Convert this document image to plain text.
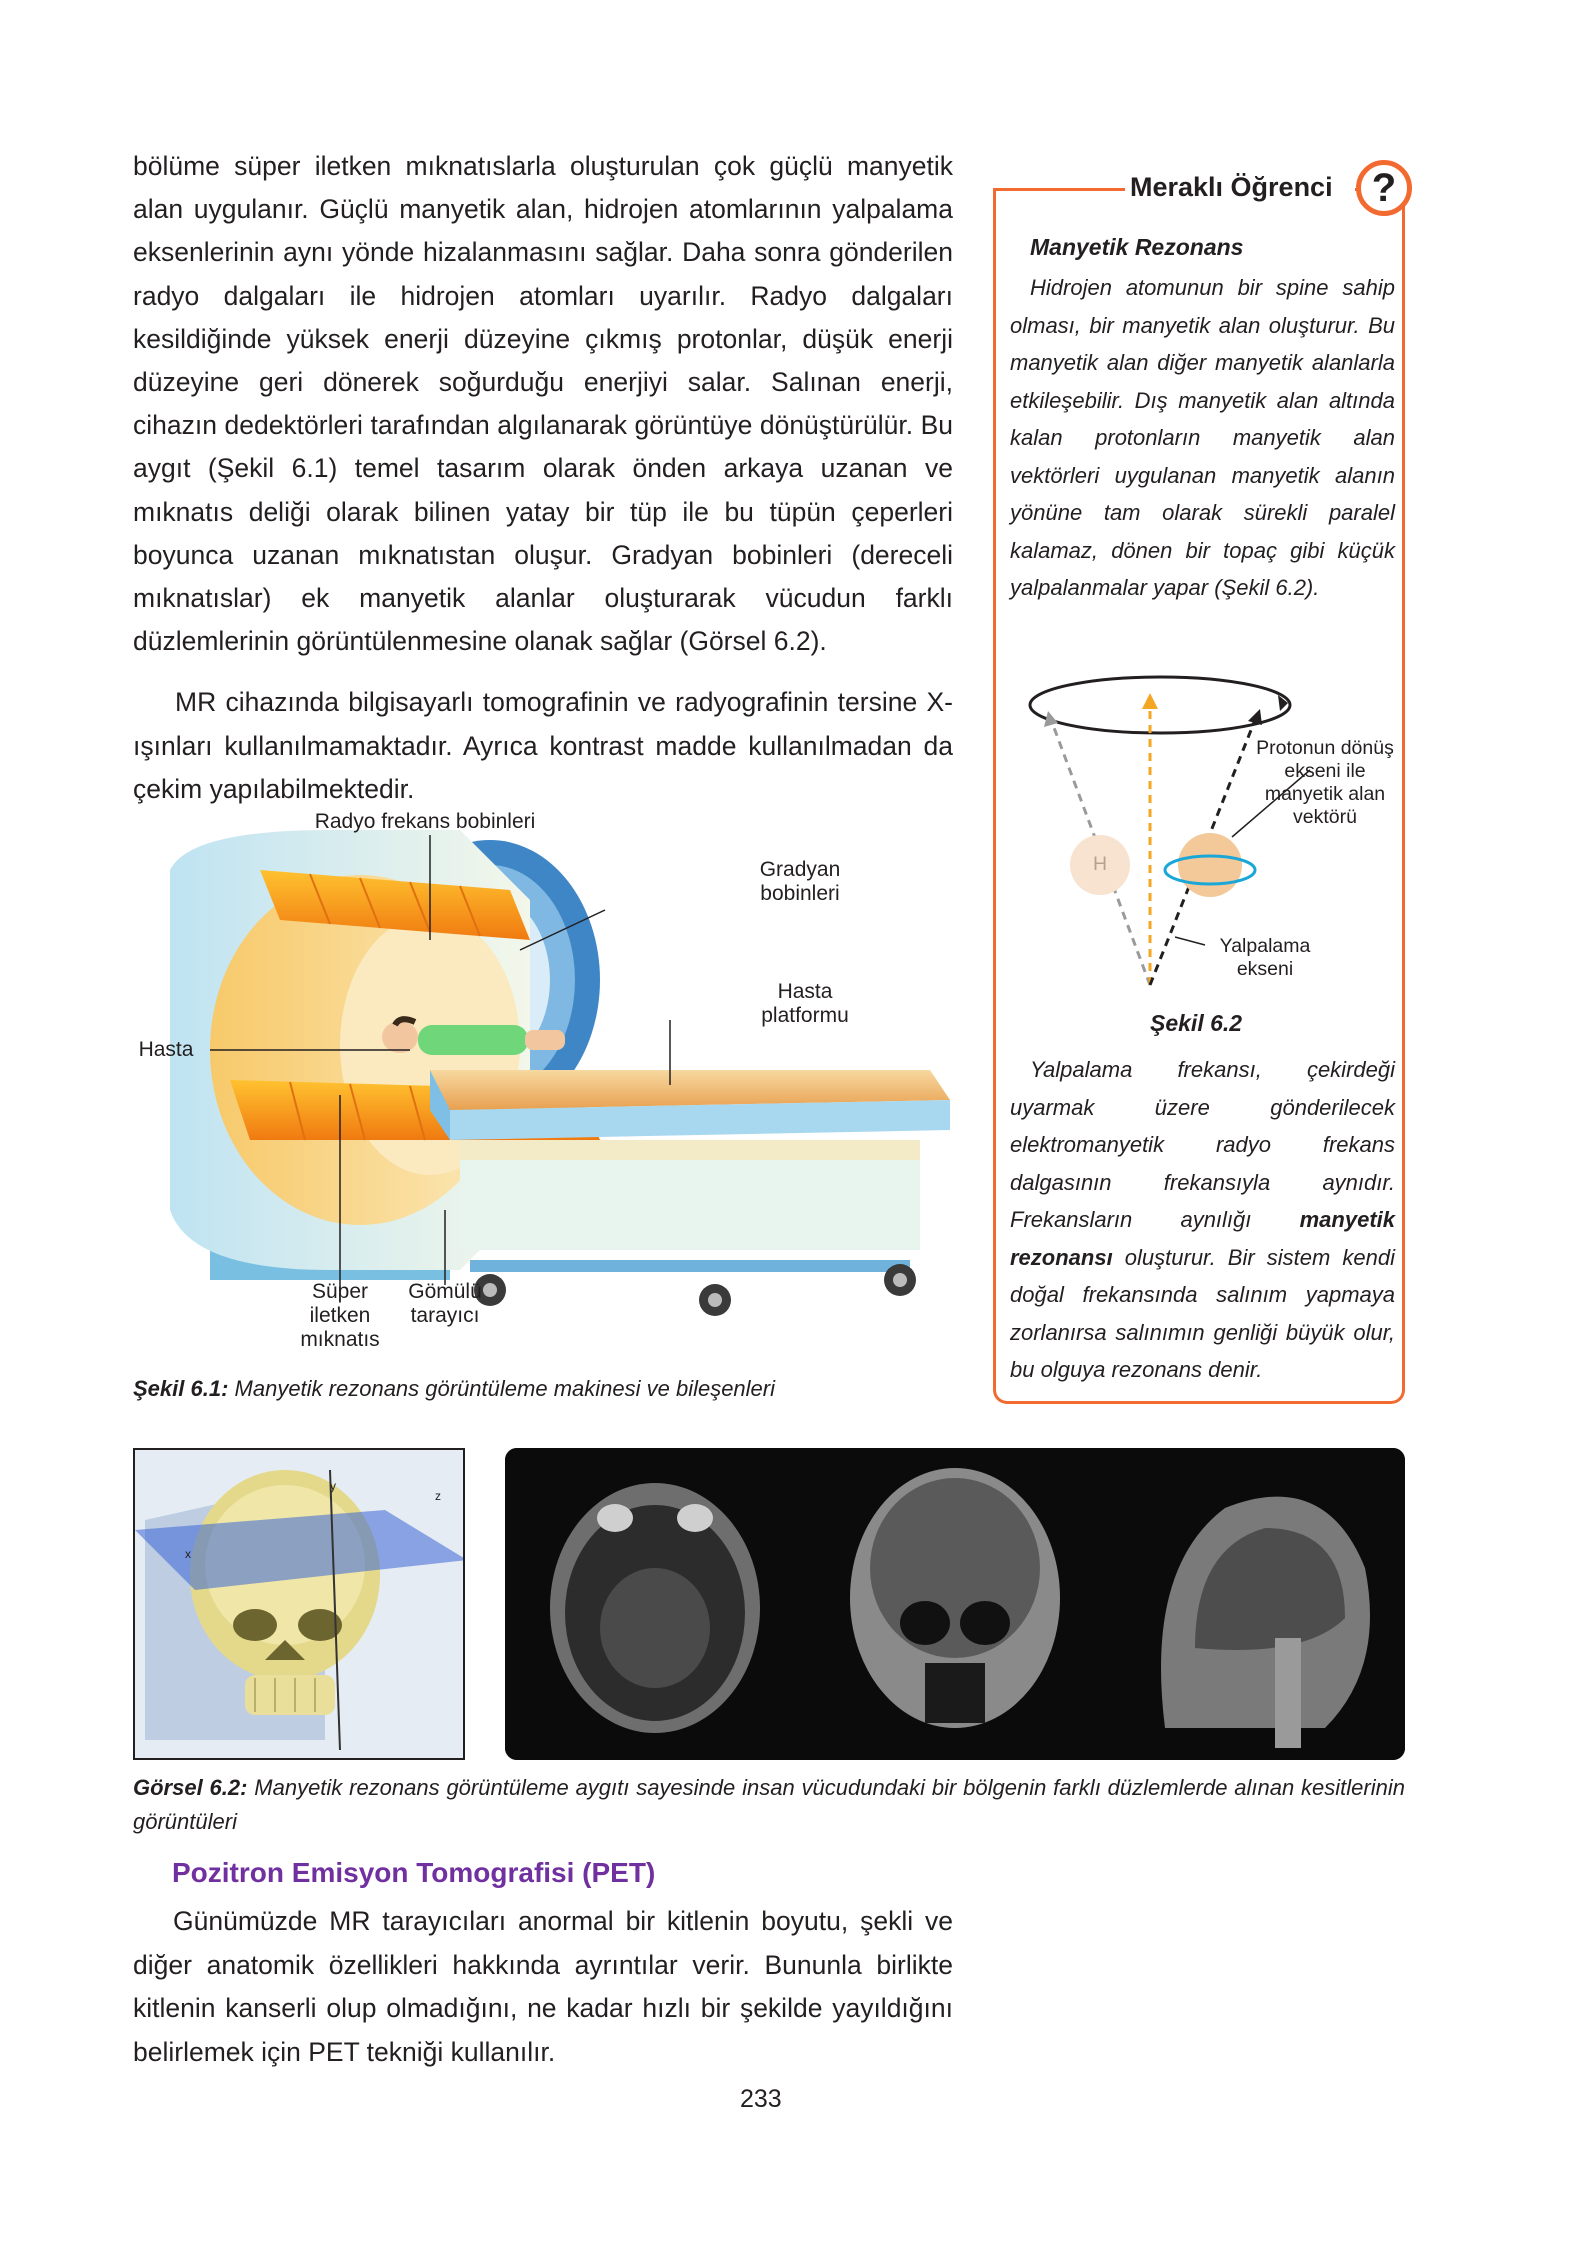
bölüme süper iletken mıknatıslarla oluşturulan çok güçlü manyetik alan uygulanır. Güçlü manyetik alan, hidrojen atomlarının yalpalama eksenlerinin aynı yönde hizalanmasını sağlar. Daha sonra gönderilen radyo dalgaları ile hidrojen atomları uyarılır. Radyo dalgaları kesildiğinde yüksek enerji düzeyine çıkmış protonlar, düşük enerji düzeyine geri dönerek soğurduğu enerjiyi salar. Salınan enerji, cihazın dedektörleri tarafından algılanarak görüntüye dönüştürülür. Bu aygıt (Şekil 6.1) temel tasarım olarak önden arkaya uzanan ve mıknatıs deliği olarak bilinen yatay bir tüp ile bu tüpün çeperleri boyunca uzanan mıknatıstan oluşur. Gradyan bobinleri (dereceli mıknatıslar) ek manyetik alanlar oluşturarak vücudun farklı düzlemlerinin görüntülenmesine olanak sağlar (Görsel 6.2).

MR cihazında bilgisayarlı tomografinin ve radyografinin tersine X-ışınları kullanılmamaktadır. Ayrıca kontrast madde kullanılmadan da çekim yapılabilmektedir.

Radyo frekans bobinleri
Gradyan bobinleri
Hasta platformu
Hasta
Süper iletken mıknatıs
Gömülü tarayıcı
Şekil 6.1: Manyetik rezonans görüntüleme makinesi ve bileşenleri
Meraklı Öğrenci ?
Manyetik Rezonans
Hidrojen atomunun bir spine sahip olması, bir manyetik alan oluşturur. Bu manyetik alan diğer manyetik alanlarla etkileşebilir. Dış manyetik alan altında kalan protonların manyetik alan vektörleri uygulanan manyetik alanın yönüne tam olarak sürekli paralel kalamaz, dönen bir topaç gibi küçük yalpalanmalar yapar (Şekil 6.2).
H
Protonun dönüş ekseni ile manyetik alan vektörü
Yalpalama ekseni
Şekil 6.2
Yalpalama frekansı, çekirdeği uyarmak üzere gönderilecek elektromanyetik radyo frekans dalgasının frekansıyla aynıdır. Frekansların aynılığı manyetik rezonansı oluşturur. Bir sistem kendi doğal frekansında salınım yapmaya zorlanırsa salınımın genliği büyük olur, bu olguya rezonans denir.
x
y
z
Görsel 6.2: Manyetik rezonans görüntüleme aygıtı sayesinde insan vücudundaki bir bölgenin farklı düzlemlerde alınan kesitlerinin görüntüleri
Pozitron Emisyon Tomografisi (PET)
Günümüzde MR tarayıcıları anormal bir kitlenin boyutu, şekli ve diğer anatomik özellikleri hakkında ayrıntılar verir. Bununla birlikte kitlenin kanserli olup olmadığını, ne kadar hızlı bir şekilde yayıldığını belirlemek için PET tekniği kullanılır.
233
